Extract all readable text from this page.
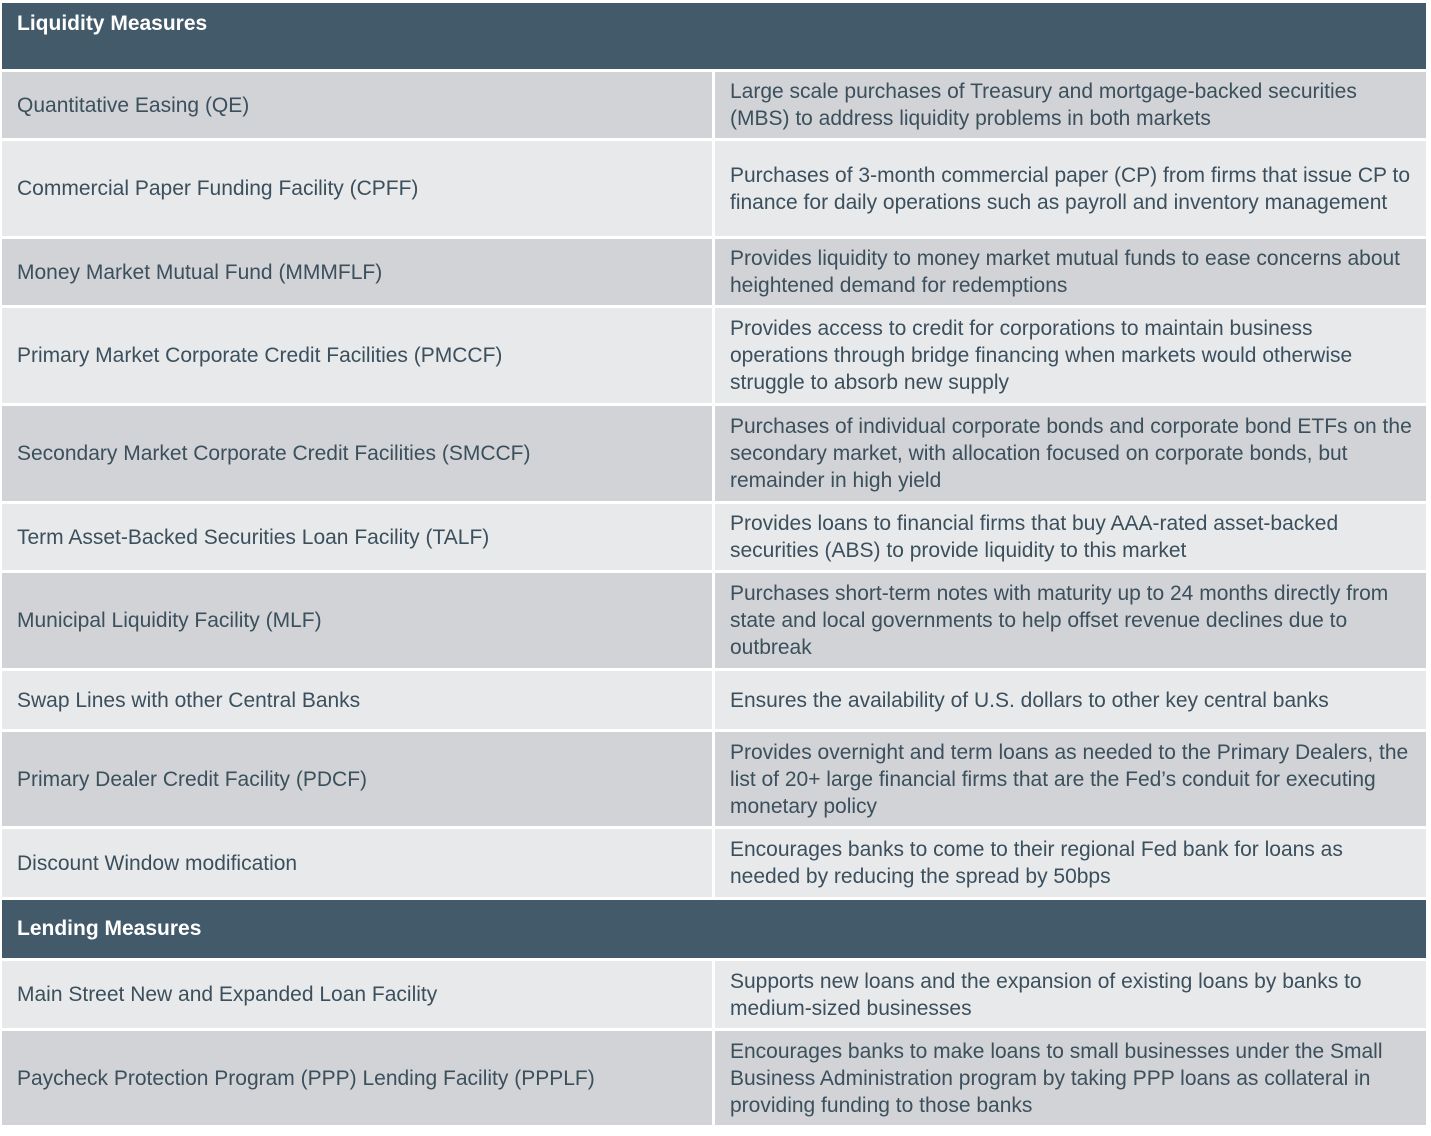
Liquidity Measures
Quantitative Easing (QE)
Large scale purchases of Treasury and mortgage-backed securities (MBS) to address liquidity problems in both markets
Commercial Paper Funding Facility (CPFF)
Purchases of 3-month commercial paper (CP) from firms that issue CP to finance for daily operations such as payroll and inventory management
Money Market Mutual Fund (MMMFLF)
Provides liquidity to money market mutual funds to ease concerns about heightened demand for redemptions
Primary Market Corporate Credit Facilities (PMCCF)
Provides access to credit for corporations to maintain business operations through bridge financing when markets would otherwise struggle to absorb new supply
Secondary Market Corporate Credit Facilities (SMCCF)
Purchases of individual corporate bonds and corporate bond ETFs on the secondary market, with allocation focused on corporate bonds, but remainder in high yield
Term Asset-Backed Securities Loan Facility (TALF)
Provides loans to financial firms that buy AAA-rated asset-backed securities (ABS) to provide liquidity to this market
Municipal Liquidity Facility (MLF)
Purchases short-term notes with maturity up to 24 months directly from state and local governments to help offset revenue declines due to outbreak
Swap Lines with other Central Banks	Ensures the availability of U.S. dollars to other key central banks
Primary Dealer Credit Facility (PDCF)
Provides overnight and term loans as needed to the Primary Dealers, the list of 20+ large financial firms that are the Fed’s conduit for executing monetary policy
Discount Window modification
Encourages banks to come to their regional Fed bank for loans as needed by reducing the spread by 50bps
Lending Measures
Main Street New and Expanded Loan Facility
Supports new loans and the expansion of existing loans by banks to medium-sized businesses
Paycheck Protection Program (PPP) Lending Facility (PPPLF)
Encourages banks to make loans to small businesses under the Small Business Administration program by taking PPP loans as collateral in providing funding to those banks
